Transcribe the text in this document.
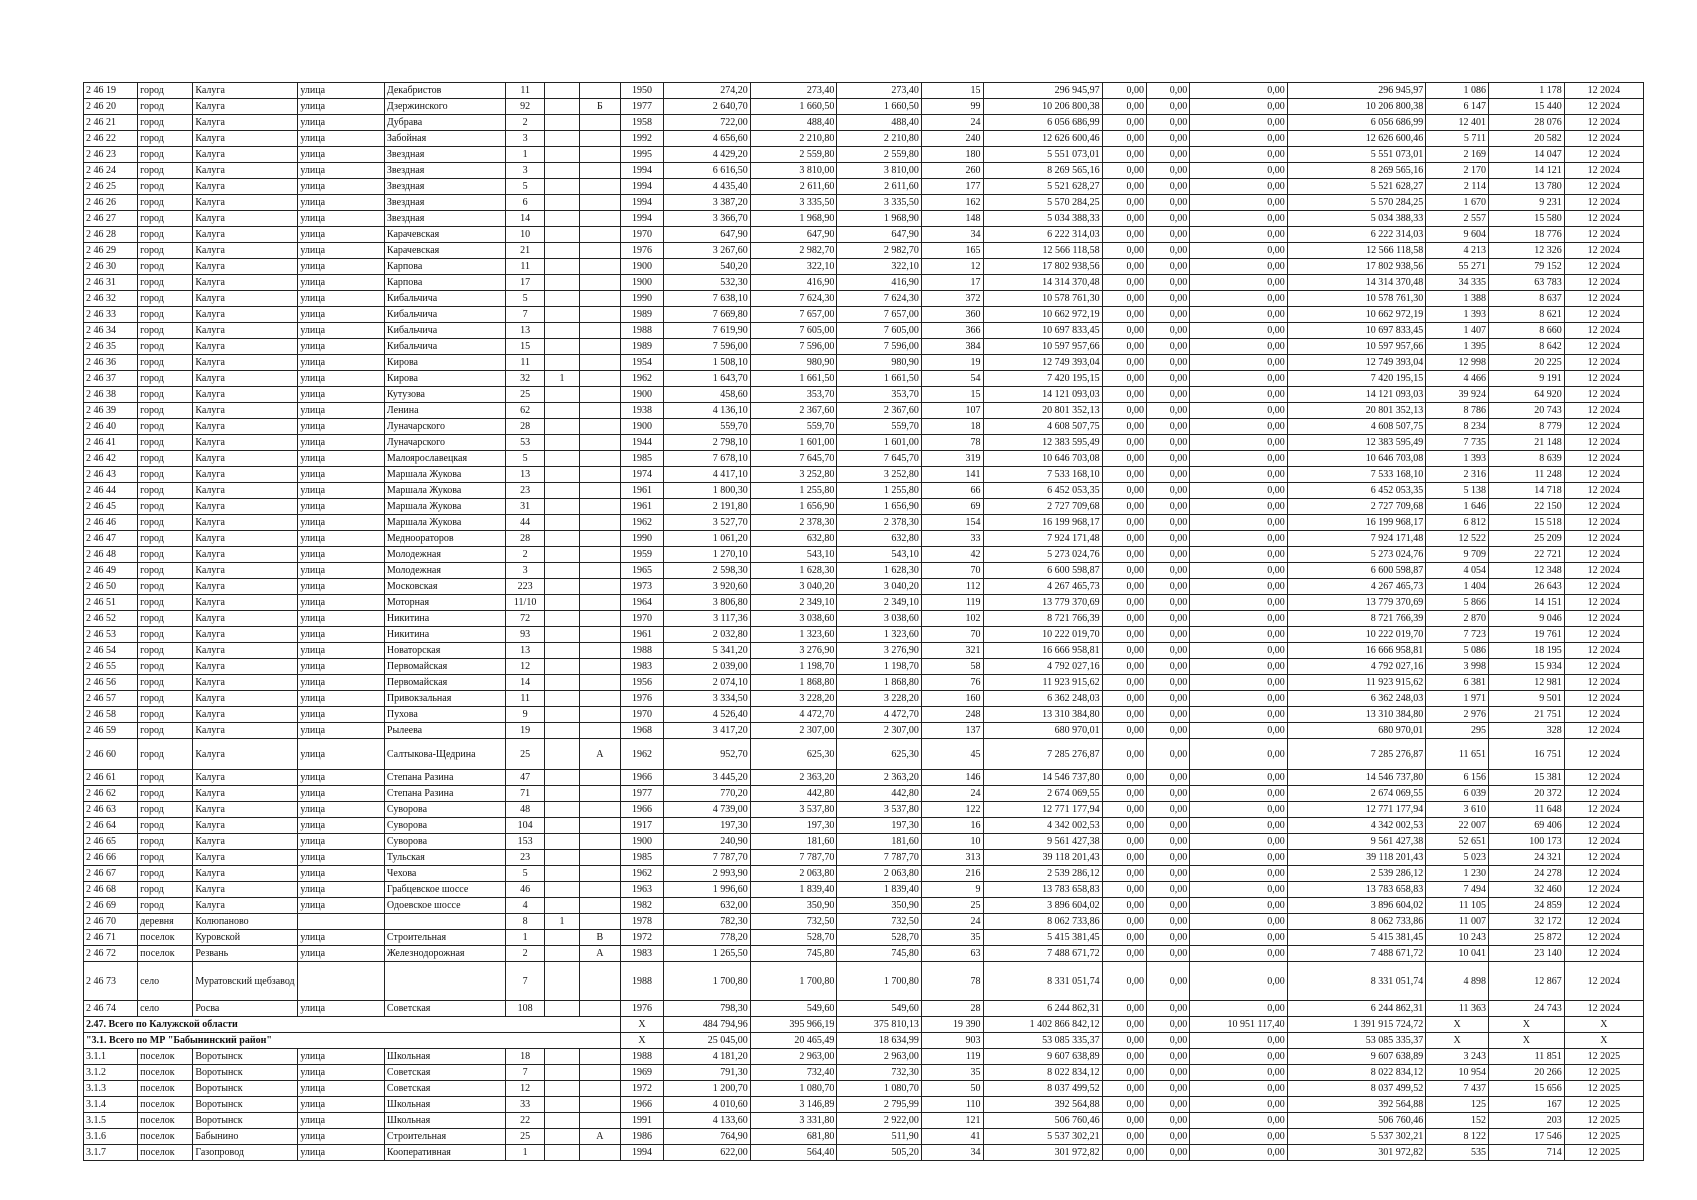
2 46 19	город	Калуга	улица	Декабристов	11			1950	274,20	273,40	273,40	15	296 945,97	0,00	0,00	0,00	296 945,97	1 086	1 178	12 2024
2 46 20	город	Калуга	улица	Дзержинского	92		Б	1977	2 640,70	1 660,50	1 660,50	99	10 206 800,38	0,00	0,00	0,00	10 206 800,38	6 147	15 440	12 2024
2 46 21	город	Калуга	улица	Дубрава	2			1958	722,00	488,40	488,40	24	6 056 686,99	0,00	0,00	0,00	6 056 686,99	12 401	28 076	12 2024
2 46 22	город	Калуга	улица	Забойная	3			1992	4 656,60	2 210,80	2 210,80	240	12 626 600,46	0,00	0,00	0,00	12 626 600,46	5 711	20 582	12 2024
2 46 23	город	Калуга	улица	Звездная	1			1995	4 429,20	2 559,80	2 559,80	180	5 551 073,01	0,00	0,00	0,00	5 551 073,01	2 169	14 047	12 2024
2 46 24	город	Калуга	улица	Звездная	3			1994	6 616,50	3 810,00	3 810,00	260	8 269 565,16	0,00	0,00	0,00	8 269 565,16	2 170	14 121	12 2024
2 46 25	город	Калуга	улица	Звездная	5			1994	4 435,40	2 611,60	2 611,60	177	5 521 628,27	0,00	0,00	0,00	5 521 628,27	2 114	13 780	12 2024
2 46 26	город	Калуга	улица	Звездная	6			1994	3 387,20	3 335,50	3 335,50	162	5 570 284,25	0,00	0,00	0,00	5 570 284,25	1 670	9 231	12 2024
2 46 27	город	Калуга	улица	Звездная	14			1994	3 366,70	1 968,90	1 968,90	148	5 034 388,33	0,00	0,00	0,00	5 034 388,33	2 557	15 580	12 2024
2 46 28	город	Калуга	улица	Карачевская	10			1970	647,90	647,90	647,90	34	6 222 314,03	0,00	0,00	0,00	6 222 314,03	9 604	18 776	12 2024
2 46 29	город	Калуга	улица	Карачевская	21			1976	3 267,60	2 982,70	2 982,70	165	12 566 118,58	0,00	0,00	0,00	12 566 118,58	4 213	12 326	12 2024
2 46 30	город	Калуга	улица	Карпова	11			1900	540,20	322,10	322,10	12	17 802 938,56	0,00	0,00	0,00	17 802 938,56	55 271	79 152	12 2024
2 46 31	город	Калуга	улица	Карпова	17			1900	532,30	416,90	416,90	17	14 314 370,48	0,00	0,00	0,00	14 314 370,48	34 335	63 783	12 2024
2 46 32	город	Калуга	улица	Кибальчича	5			1990	7 638,10	7 624,30	7 624,30	372	10 578 761,30	0,00	0,00	0,00	10 578 761,30	1 388	8 637	12 2024
2 46 33	город	Калуга	улица	Кибальчича	7			1989	7 669,80	7 657,00	7 657,00	360	10 662 972,19	0,00	0,00	0,00	10 662 972,19	1 393	8 621	12 2024
2 46 34	город	Калуга	улица	Кибальчича	13			1988	7 619,90	7 605,00	7 605,00	366	10 697 833,45	0,00	0,00	0,00	10 697 833,45	1 407	8 660	12 2024
2 46 35	город	Калуга	улица	Кибальчича	15			1989	7 596,00	7 596,00	7 596,00	384	10 597 957,66	0,00	0,00	0,00	10 597 957,66	1 395	8 642	12 2024
2 46 36	город	Калуга	улица	Кирова	11			1954	1 508,10	980,90	980,90	19	12 749 393,04	0,00	0,00	0,00	12 749 393,04	12 998	20 225	12 2024
2 46 37	город	Калуга	улица	Кирова	32	1		1962	1 643,70	1 661,50	1 661,50	54	7 420 195,15	0,00	0,00	0,00	7 420 195,15	4 466	9 191	12 2024
2 46 38	город	Калуга	улица	Кутузова	25			1900	458,60	353,70	353,70	15	14 121 093,03	0,00	0,00	0,00	14 121 093,03	39 924	64 920	12 2024
2 46 39	город	Калуга	улица	Ленина	62			1938	4 136,10	2 367,60	2 367,60	107	20 801 352,13	0,00	0,00	0,00	20 801 352,13	8 786	20 743	12 2024
2 46 40	город	Калуга	улица	Луначарского	28			1900	559,70	559,70	559,70	18	4 608 507,75	0,00	0,00	0,00	4 608 507,75	8 234	8 779	12 2024
2 46 41	город	Калуга	улица	Луначарского	53			1944	2 798,10	1 601,00	1 601,00	78	12 383 595,49	0,00	0,00	0,00	12 383 595,49	7 735	21 148	12 2024
2 46 42	город	Калуга	улица	Малоярославецкая	5			1985	7 678,10	7 645,70	7 645,70	319	10 646 703,08	0,00	0,00	0,00	10 646 703,08	1 393	8 639	12 2024
2 46 43	город	Калуга	улица	Маршала Жукова	13			1974	4 417,10	3 252,80	3 252,80	141	7 533 168,10	0,00	0,00	0,00	7 533 168,10	2 316	11 248	12 2024
2 46 44	город	Калуга	улица	Маршала Жукова	23			1961	1 800,30	1 255,80	1 255,80	66	6 452 053,35	0,00	0,00	0,00	6 452 053,35	5 138	14 718	12 2024
2 46 45	город	Калуга	улица	Маршала Жукова	31			1961	2 191,80	1 656,90	1 656,90	69	2 727 709,68	0,00	0,00	0,00	2 727 709,68	1 646	22 150	12 2024
2 46 46	город	Калуга	улица	Маршала Жукова	44			1962	3 527,70	2 378,30	2 378,30	154	16 199 968,17	0,00	0,00	0,00	16 199 968,17	6 812	15 518	12 2024
2 46 47	город	Калуга	улица	Медноораторов	28			1990	1 061,20	632,80	632,80	33	7 924 171,48	0,00	0,00	0,00	7 924 171,48	12 522	25 209	12 2024
2 46 48	город	Калуга	улица	Молодежная	2			1959	1 270,10	543,10	543,10	42	5 273 024,76	0,00	0,00	0,00	5 273 024,76	9 709	22 721	12 2024
2 46 49	город	Калуга	улица	Молодежная	3			1965	2 598,30	1 628,30	1 628,30	70	6 600 598,87	0,00	0,00	0,00	6 600 598,87	4 054	12 348	12 2024
2 46 50	город	Калуга	улица	Московская	223			1973	3 920,60	3 040,20	3 040,20	112	4 267 465,73	0,00	0,00	0,00	4 267 465,73	1 404	26 643	12 2024
2 46 51	город	Калуга	улица	Моторная	11/10			1964	3 806,80	2 349,10	2 349,10	119	13 779 370,69	0,00	0,00	0,00	13 779 370,69	5 866	14 151	12 2024
2 46 52	город	Калуга	улица	Никитина	72			1970	3 117,36	3 038,60	3 038,60	102	8 721 766,39	0,00	0,00	0,00	8 721 766,39	2 870	9 046	12 2024
2 46 53	город	Калуга	улица	Никитина	93			1961	2 032,80	1 323,60	1 323,60	70	10 222 019,70	0,00	0,00	0,00	10 222 019,70	7 723	19 761	12 2024
2 46 54	город	Калуга	улица	Новаторская	13			1988	5 341,20	3 276,90	3 276,90	321	16 666 958,81	0,00	0,00	0,00	16 666 958,81	5 086	18 195	12 2024
2 46 55	город	Калуга	улица	Первомайская	12			1983	2 039,00	1 198,70	1 198,70	58	4 792 027,16	0,00	0,00	0,00	4 792 027,16	3 998	15 934	12 2024
2 46 56	город	Калуга	улица	Первомайская	14			1956	2 074,10	1 868,80	1 868,80	76	11 923 915,62	0,00	0,00	0,00	11 923 915,62	6 381	12 981	12 2024
2 46 57	город	Калуга	улица	Привокзальная	11			1976	3 334,50	3 228,20	3 228,20	160	6 362 248,03	0,00	0,00	0,00	6 362 248,03	1 971	9 501	12 2024
2 46 58	город	Калуга	улица	Пухова	9			1970	4 526,40	4 472,70	4 472,70	248	13 310 384,80	0,00	0,00	0,00	13 310 384,80	2 976	21 751	12 2024
2 46 59	город	Калуга	улица	Рылеева	19			1968	3 417,20	2 307,00	2 307,00	137	680 970,01	0,00	0,00	0,00	680 970,01	295	328	12 2024
2 46 60	город	Калуга	улица	Салтыкова-Щедрина	25		А	1962	952,70	625,30	625,30	45	7 285 276,87	0,00	0,00	0,00	7 285 276,87	11 651	16 751	12 2024
2 46 61	город	Калуга	улица	Степана Разина	47			1966	3 445,20	2 363,20	2 363,20	146	14 546 737,80	0,00	0,00	0,00	14 546 737,80	6 156	15 381	12 2024
2 46 62	город	Калуга	улица	Степана Разина	71			1977	770,20	442,80	442,80	24	2 674 069,55	0,00	0,00	0,00	2 674 069,55	6 039	20 372	12 2024
2 46 63	город	Калуга	улица	Суворова	48			1966	4 739,00	3 537,80	3 537,80	122	12 771 177,94	0,00	0,00	0,00	12 771 177,94	3 610	11 648	12 2024
2 46 64	город	Калуга	улица	Суворова	104			1917	197,30	197,30	197,30	16	4 342 002,53	0,00	0,00	0,00	4 342 002,53	22 007	69 406	12 2024
2 46 65	город	Калуга	улица	Суворова	153			1900	240,90	181,60	181,60	10	9 561 427,38	0,00	0,00	0,00	9 561 427,38	52 651	100 173	12 2024
2 46 66	город	Калуга	улица	Тульская	23			1985	7 787,70	7 787,70	7 787,70	313	39 118 201,43	0,00	0,00	0,00	39 118 201,43	5 023	24 321	12 2024
2 46 67	город	Калуга	улица	Чехова	5			1962	2 993,90	2 063,80	2 063,80	216	2 539 286,12	0,00	0,00	0,00	2 539 286,12	1 230	24 278	12 2024
2 46 68	город	Калуга	улица	Грабцевское шоссе	46			1963	1 996,60	1 839,40	1 839,40	9	13 783 658,83	0,00	0,00	0,00	13 783 658,83	7 494	32 460	12 2024
2 46 69	город	Калуга	улица	Одоевское шоссе	4			1982	632,00	350,90	350,90	25	3 896 604,02	0,00	0,00	0,00	3 896 604,02	11 105	24 859	12 2024
2 46 70	деревня	Колюпаново			8	1		1978	782,30	732,50	732,50	24	8 062 733,86	0,00	0,00	0,00	8 062 733,86	11 007	32 172	12 2024
2 46 71	поселок	Куровской	улица	Строительная	1		В	1972	778,20	528,70	528,70	35	5 415 381,45	0,00	0,00	0,00	5 415 381,45	10 243	25 872	12 2024
2 46 72	поселок	Резвань	улица	Железнодорожная	2		А	1983	1 265,50	745,80	745,80	63	7 488 671,72	0,00	0,00	0,00	7 488 671,72	10 041	23 140	12 2024
2 46 73	село	Муратовский щебзавод			7			1988	1 700,80	1 700,80	1 700,80	78	8 331 051,74	0,00	0,00	0,00	8 331 051,74	4 898	12 867	12 2024
2 46 74	село	Росва	улица	Советская	108			1976	798,30	549,60	549,60	28	6 244 862,31	0,00	0,00	0,00	6 244 862,31	11 363	24 743	12 2024
2.47. Всего по Калужской области								Х	484 794,96	395 966,19	375 810,13	19 390	1 402 866 842,12	0,00	0,00	10 951 117,40	1 391 915 724,72	Х	Х	Х
"3.1. Всего по МР "Бабынинский район"								Х	25 045,00	20 465,49	18 634,99	903	53 085 335,37	0,00	0,00	0,00	53 085 335,37	Х	Х	Х
3.1.1	поселок	Воротынск	улица	Школьная	18			1988	4 181,20	2 963,00	2 963,00	119	9 607 638,89	0,00	0,00	0,00	9 607 638,89	3 243	11 851	12 2025
3.1.2	поселок	Воротынск	улица	Советская	7			1969	791,30	732,40	732,30	35	8 022 834,12	0,00	0,00	0,00	8 022 834,12	10 954	20 266	12 2025
3.1.3	поселок	Воротынск	улица	Советская	12			1972	1 200,70	1 080,70	1 080,70	50	8 037 499,52	0,00	0,00	0,00	8 037 499,52	7 437	15 656	12 2025
3.1.4	поселок	Воротынск	улица	Школьная	33			1966	4 010,60	3 146,89	2 795,99	110	392 564,88	0,00	0,00	0,00	392 564,88	125	167	12 2025
3.1.5	поселок	Воротынск	улица	Школьная	22			1991	4 133,60	3 331,80	2 922,00	121	506 760,46	0,00	0,00	0,00	506 760,46	152	203	12 2025
3.1.6	поселок	Бабынино	улица	Строительная	25		А	1986	764,90	681,80	511,90	41	5 537 302,21	0,00	0,00	0,00	5 537 302,21	8 122	17 546	12 2025
3.1.7	поселок	Газопровод	улица	Кооперативная	1			1994	622,00	564,40	505,20	34	301 972,82	0,00	0,00	0,00	301 972,82	535	714	12 2025
